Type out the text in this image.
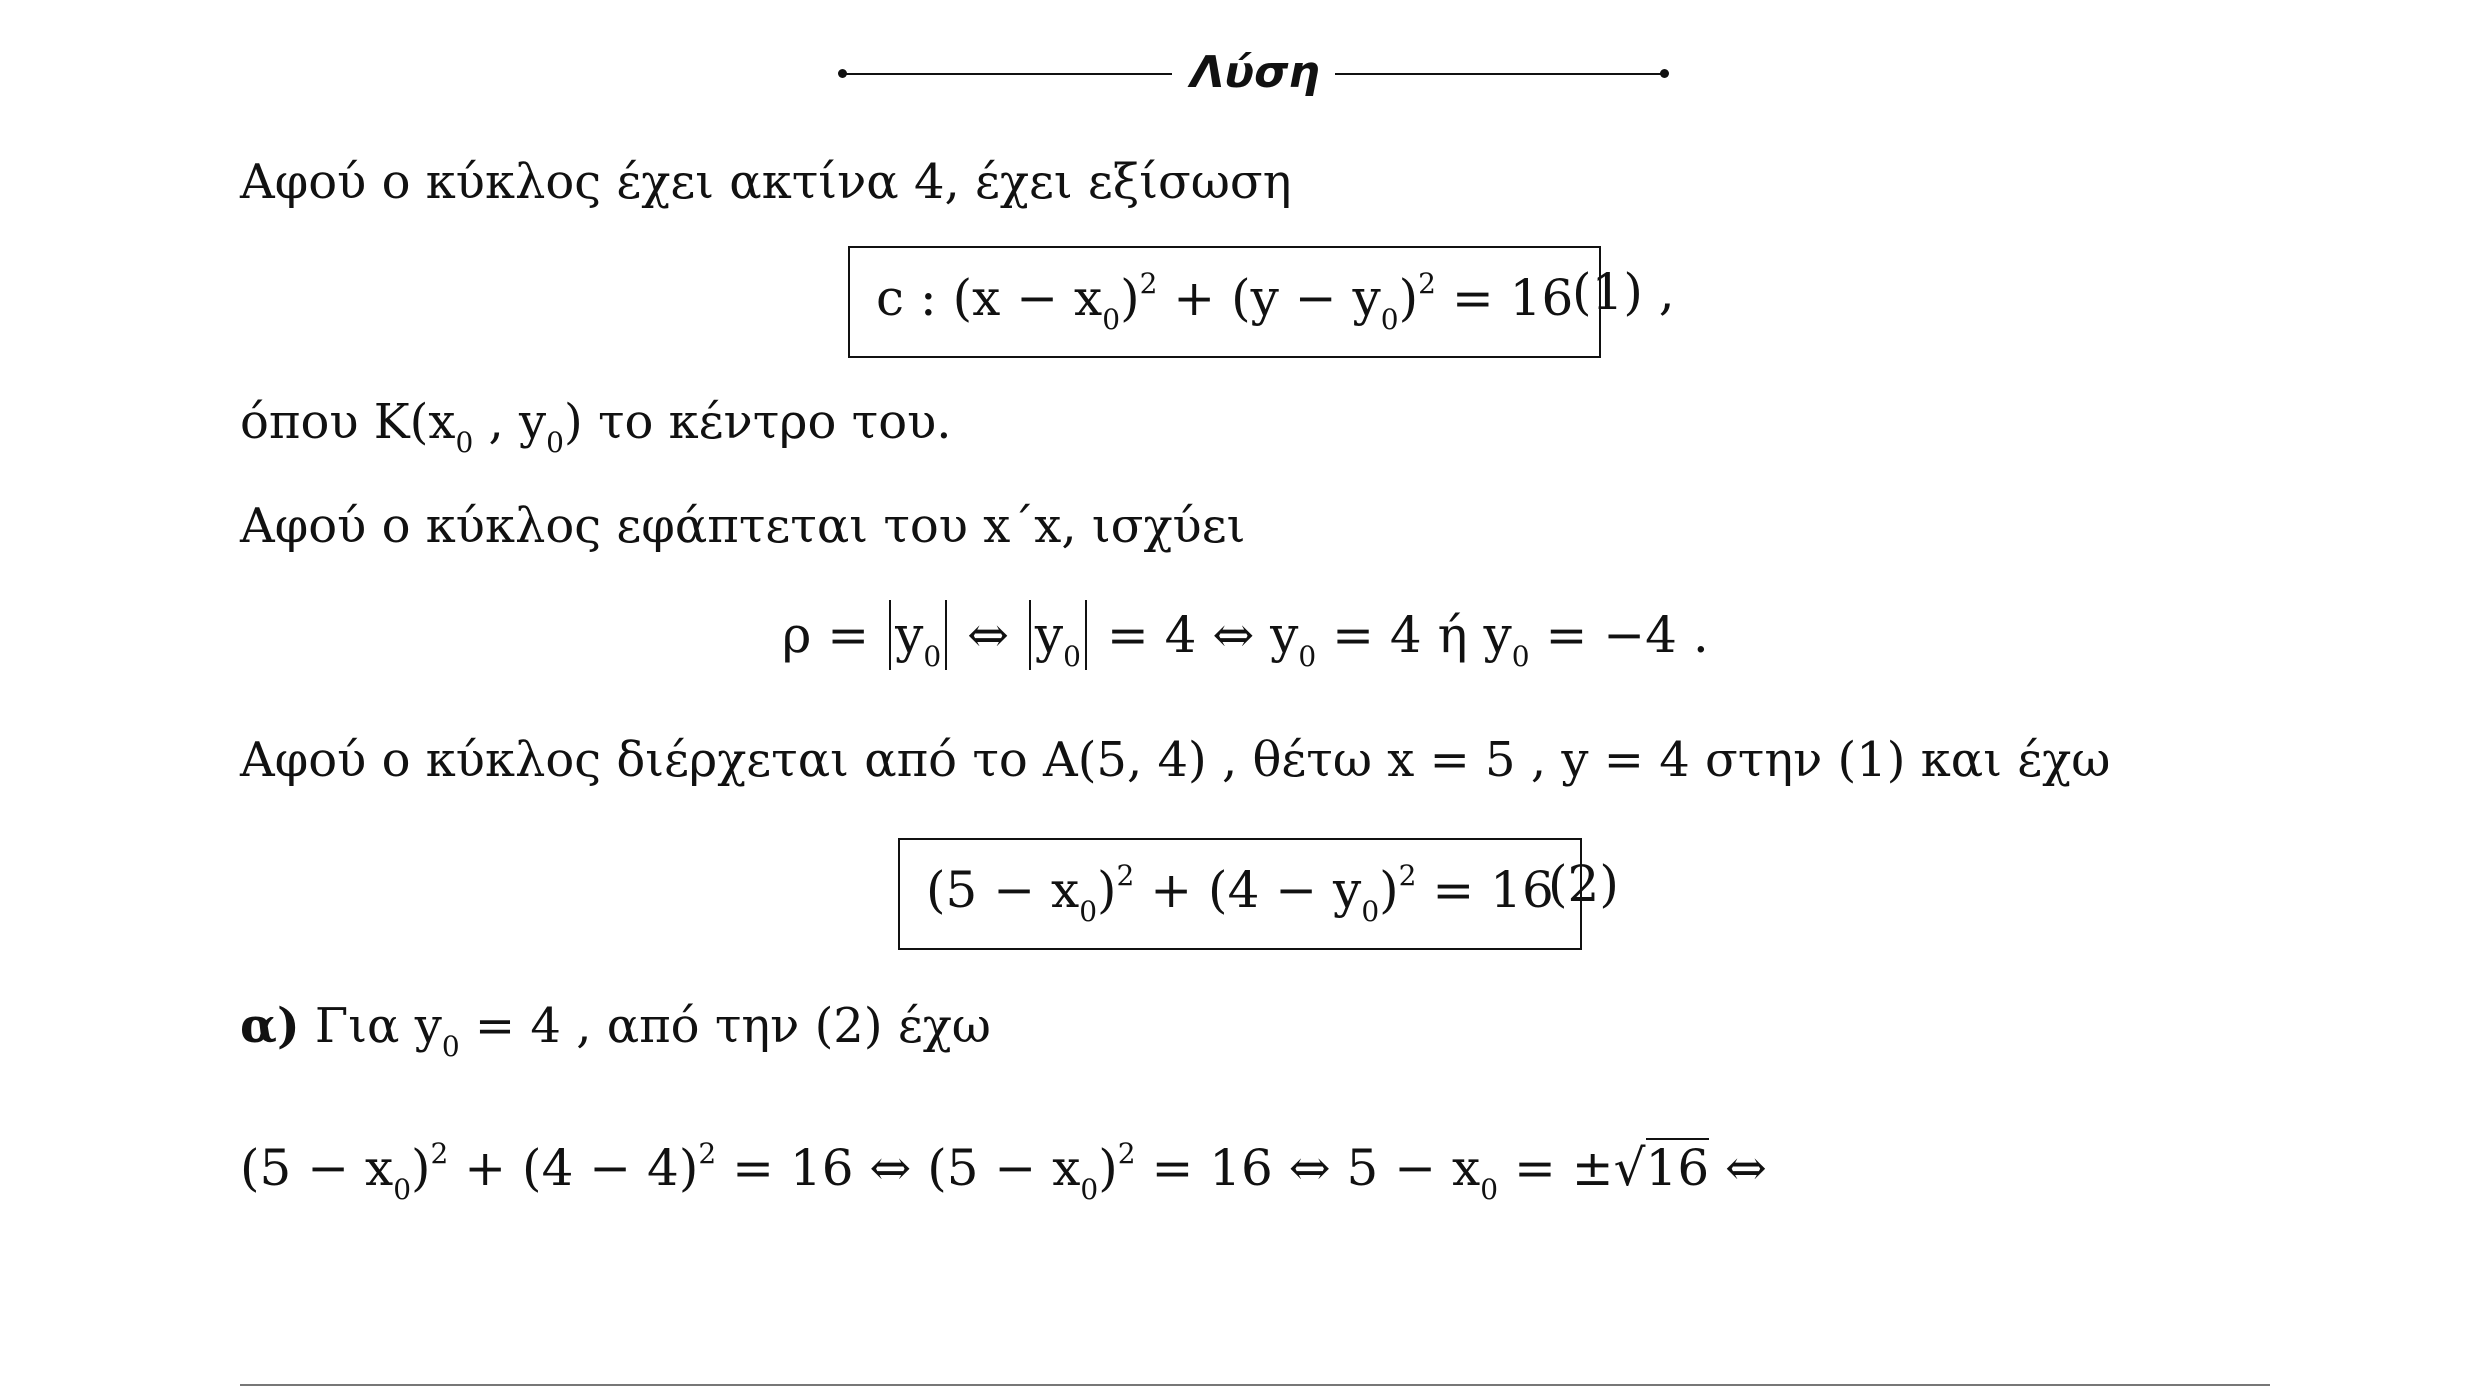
Λύση
Αφού ο κύκλος έχει ακτίνα 4, έχει εξίσωση
c : $(x - x_0)^2 + (y - y_0)^2 = 16$
(1) ,
όπου $K(x_0$ , $y_0$) το κέντρο του.
Αφού ο κύκλος εφάπτεται του x΄x, ισχύει
$\rho = y_0$ ⇔ $y_0 = 4$ ⇔ $y_0 = 4$ ή $y_0 = -4$ .
Αφού ο κύκλος διέρχεται από το A(5, 4) , θέτω x = 5 , y = 4 στην (1) και έχω
$(5 - x_0)^2 + (4 - y_0)^2 = 16$
(2)
α) Για $y_0 = 4$ , από την (2) έχω
$(5 - x_0)^2 + (4 - 4)^2 = 16$ ⇔ $(5 - x_0)^2 = 16$ ⇔ $5 - x_0 = \pm√16$ ⇔
